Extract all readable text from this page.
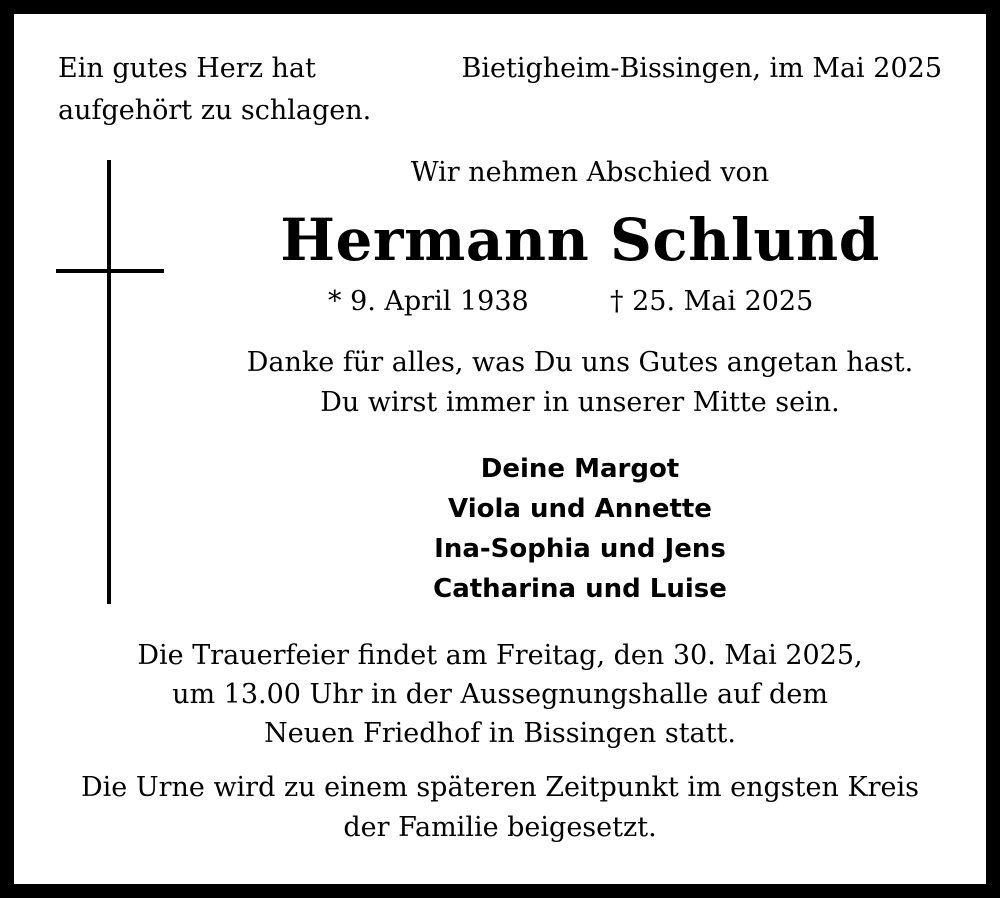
Ein gutes Herz hat
aufgehört zu schlagen.
Bietigheim-Bissingen, im Mai 2025
Wir nehmen Abschied von
Hermann Schlund
* 9. April 1938	† 25. Mai 2025
Danke für alles, was Du uns Gutes angetan hast.
Du wirst immer in unserer Mitte sein.
Deine Margot
Viola und Annette
Ina-Sophia und Jens
Catharina und Luise
Die Trauerfeier findet am Freitag, den 30. Mai 2025,
um 13.00 Uhr in der Aussegnungshalle auf dem
Neuen Friedhof in Bissingen statt.
Die Urne wird zu einem späteren Zeitpunkt im engsten Kreis
der Familie beigesetzt.
